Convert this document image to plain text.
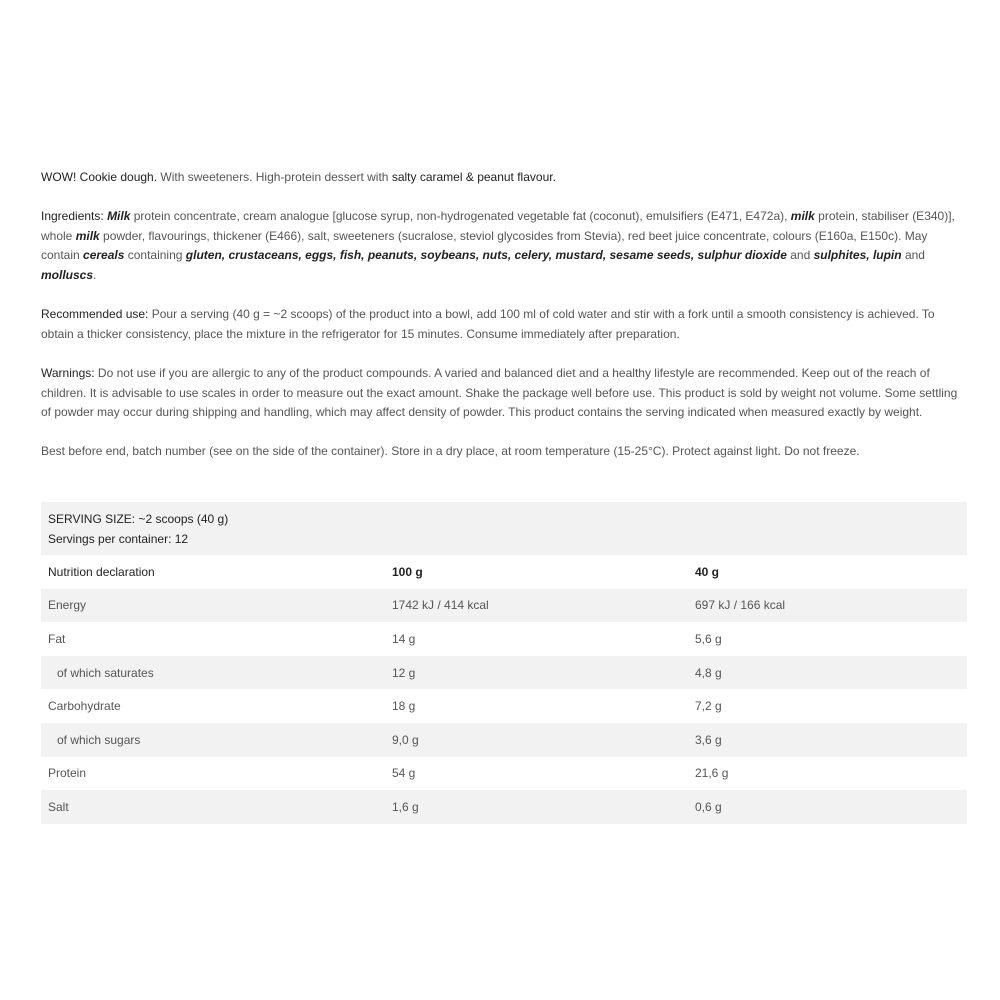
WOW! Cookie dough. With sweeteners. High-protein dessert with salty caramel & peanut flavour.

Ingredients: Milk protein concentrate, cream analogue [glucose syrup, non-hydrogenated vegetable fat (coconut), emulsifiers (E471, E472a), milk protein, stabiliser (E340)], whole milk powder, flavourings, thickener (E466), salt, sweeteners (sucralose, steviol glycosides from Stevia), red beet juice concentrate, colours (E160a, E150c). May contain cereals containing gluten, crustaceans, eggs, fish, peanuts, soybeans, nuts, celery, mustard, sesame seeds, sulphur dioxide and sulphites, lupin and molluscs.

Recommended use: Pour a serving (40 g = ~2 scoops) of the product into a bowl, add 100 ml of cold water and stir with a fork until a smooth consistency is achieved. To obtain a thicker consistency, place the mixture in the refrigerator for 15 minutes. Consume immediately after preparation.

Warnings: Do not use if you are allergic to any of the product compounds. A varied and balanced diet and a healthy lifestyle are recommended. Keep out of the reach of children. It is advisable to use scales in order to measure out the exact amount. Shake the package well before use. This product is sold by weight not volume. Some settling of powder may occur during shipping and handling, which may affect density of powder. This product contains the serving indicated when measured exactly by weight.

Best before end, batch number (see on the side of the container). Store in a dry place, at room temperature (15-25°C). Protect against light. Do not freeze.

SERVING SIZE: ~2 scoops (40 g)
Servings per container: 12
Nutrition declaration	100 g	40 g
Energy	1742 kJ / 414 kcal	697 kJ / 166 kcal
Fat	14 g	5,6 g
of which saturates	12 g	4,8 g
Carbohydrate	18 g	7,2 g
of which sugars	9,0 g	3,6 g
Protein	54 g	21,6 g
Salt	1,6 g	0,6 g
